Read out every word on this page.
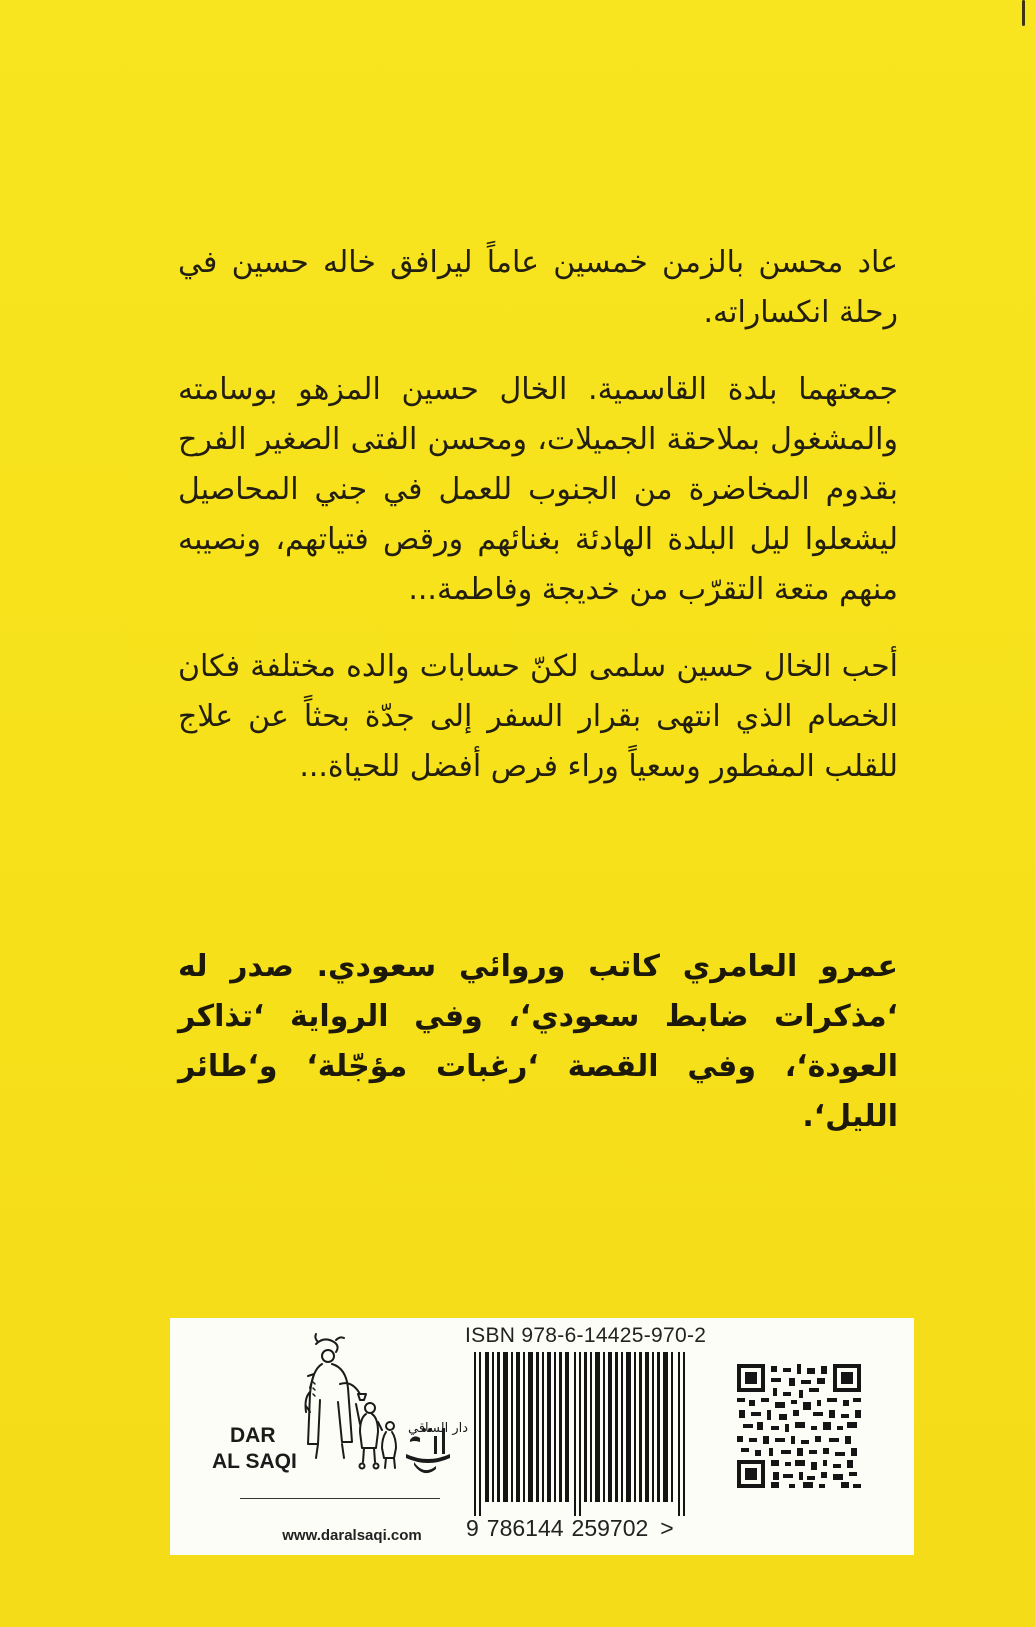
عاد محسن بالزمن خمسين عاماً ليرافق خاله حسين في رحلة انكساراته.

جمعتهما بلدة القاسمية. الخال حسين المزهو بوسامته والمشغول بملاحقة الجميلات، ومحسن الفتى الصغير الفرح بقدوم المخاضرة من الجنوب للعمل في جني المحاصيل ليشعلوا ليل البلدة الهادئة بغنائهم ورقص فتياتهم، ونصيبه منهم متعة التقرّب من خديجة وفاطمة...

أحب الخال حسين سلمى لكنّ حسابات والده مختلفة فكان الخصام الذي انتهى بقرار السفر إلى جدّة بحثاً عن علاج للقلب المفطور وسعياً وراء فرص أفضل للحياة...

عمرو العامري كاتب وروائي سعودي. صدر له ‘مذكرات ضابط سعودي‘، وفي الرواية ‘تذاكر العودة‘، وفي القصة ‘رغبات مؤجّلة‘ و‘طائر الليل‘.

DAR
AL SAQI
دار الساقي
www.daralsaqi.com
ISBN 978-6-14425-970-2
9 786144 259702 >
